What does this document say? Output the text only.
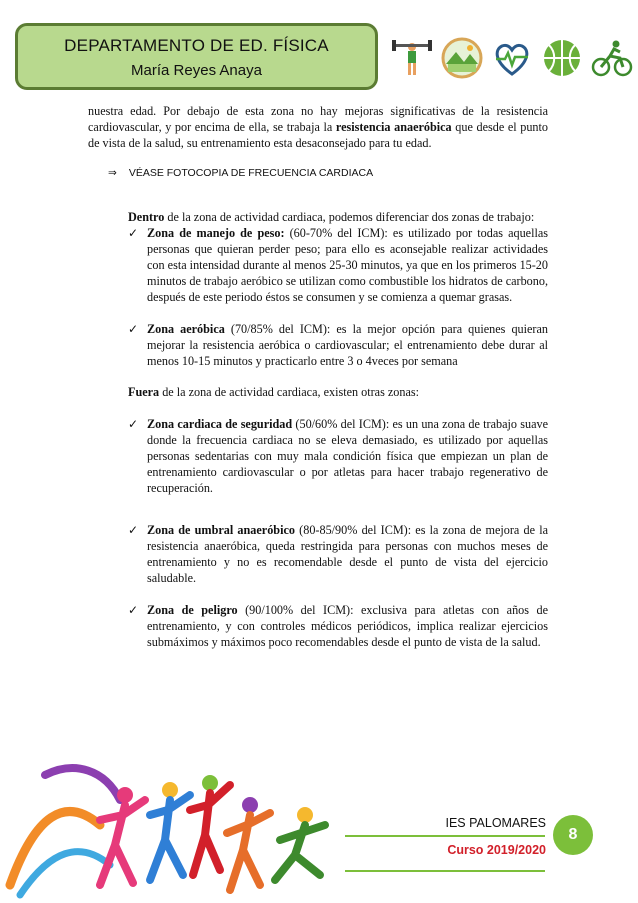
DEPARTAMENTO DE ED. FÍSICA
María Reyes Anaya

nuestra edad. Por debajo de esta zona no hay mejoras significativas de la resistencia cardiovascular, y por encima de ella, se trabaja la resistencia anaeróbica que desde el punto de vista de la salud, su entrenamiento esta desaconsejado para tu edad.

⇒ VÉASE FOTOCOPIA DE FRECUENCIA CARDIACA

Dentro de la zona de actividad cardiaca, podemos diferenciar dos zonas de trabajo:

✓ Zona de manejo de peso: (60-70% del ICM): es utilizado por todas aquellas personas que quieran perder peso; para ello es aconsejable realizar actividades con esta intensidad durante al menos 25-30 minutos, ya que en los primeros 15-20 minutos de trabajo aeróbico se utilizan como combustible los hidratos de carbono, después de este periodo éstos se consumen y se comienza a quemar grasas.
✓ Zona aeróbica (70/85% del ICM): es la mejor opción para quienes quieran mejorar la resistencia aeróbica o cardiovascular; el entrenamiento debe durar al menos 10-15 minutos y practicarlo entre 3 o 4veces por semana

Fuera de la zona de actividad cardiaca, existen otras zonas:

✓ Zona cardiaca de seguridad (50/60% del ICM): es un una zona de trabajo suave donde la frecuencia cardiaca no se eleva demasiado, es utilizado por aquellas personas sedentarias con muy mala condición física que empiezan un plan de entrenamiento cardiovascular o por atletas para hacer trabajo regenerativo de recuperación.
✓ Zona de umbral anaeróbico (80-85/90% del ICM): es la zona de mejora de la resistencia anaeróbica, queda restringida para personas con muchos meses de entrenamiento y no es recomendable desde el punto de vista del ejercicio saludable.
✓ Zona de peligro (90/100% del ICM): exclusiva para atletas con años de entrenamiento, y con controles médicos periódicos, implica realizar ejercicios submáximos y máximos poco recomendables desde el punto de vista de la salud.
IES PALOMARES
Curso 2019/2020
8
